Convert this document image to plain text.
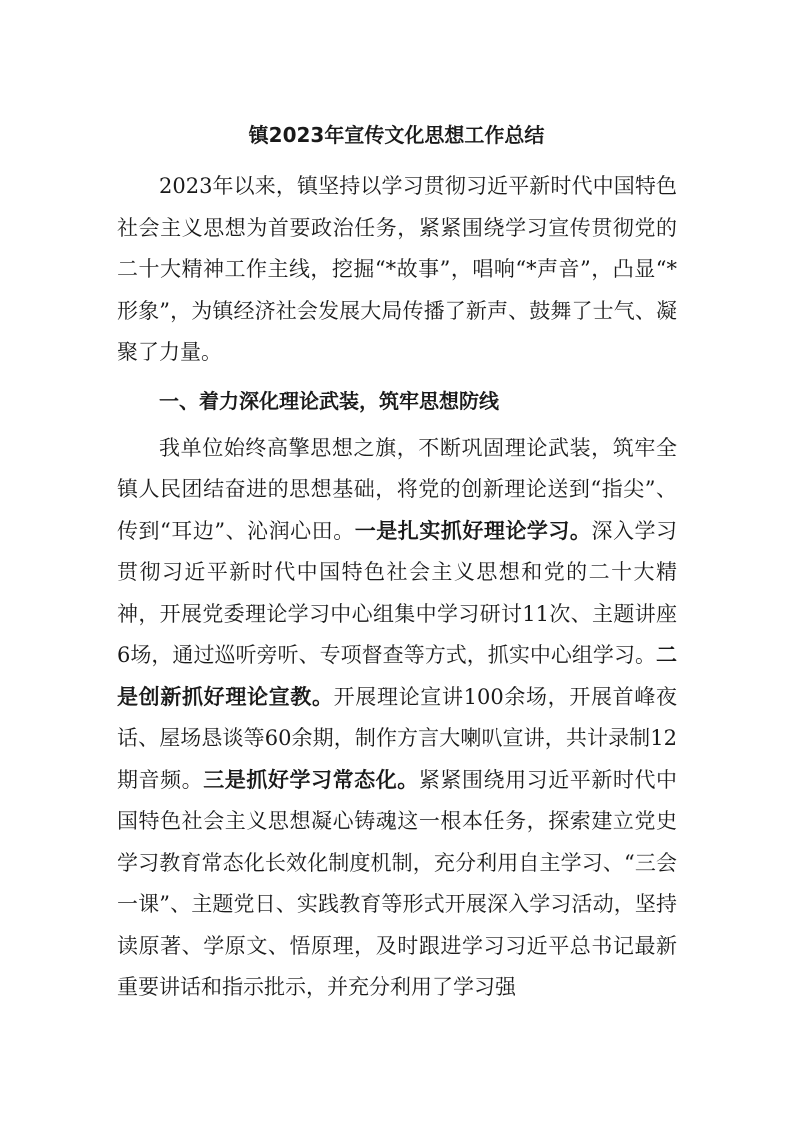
镇2023年宣传文化思想工作总结

2023年以来，镇坚持以学习贯彻习近平新时代中国特色社会主义思想为首要政治任务，紧紧围绕学习宣传贯彻党的二十大精神工作主线，挖掘“*故事”，唱响“*声音”，凸显“*形象”，为镇经济社会发展大局传播了新声、鼓舞了士气、凝聚了力量。

一、着力深化理论武装，筑牢思想防线

我单位始终高擎思想之旗，不断巩固理论武装，筑牢全镇人民团结奋进的思想基础，将党的创新理论送到“指尖”、传到“耳边”、沁润心田。一是扎实抓好理论学习。深入学习贯彻习近平新时代中国特色社会主义思想和党的二十大精神，开展党委理论学习中心组集中学习研讨11次、主题讲座6场，通过巡听旁听、专项督查等方式，抓实中心组学习。二是创新抓好理论宣教。开展理论宣讲100余场，开展首峰夜话、屋场恳谈等60余期，制作方言大喇叭宣讲，共计录制12期音频。三是抓好学习常态化。紧紧围绕用习近平新时代中国特色社会主义思想凝心铸魂这一根本任务，探索建立党史学习教育常态化长效化制度机制，充分利用自主学习、“三会一课”、主题党日、实践教育等形式开展深入学习活动，坚持读原著、学原文、悟原理，及时跟进学习习近平总书记最新重要讲话和指示批示，并充分利用了学习强
